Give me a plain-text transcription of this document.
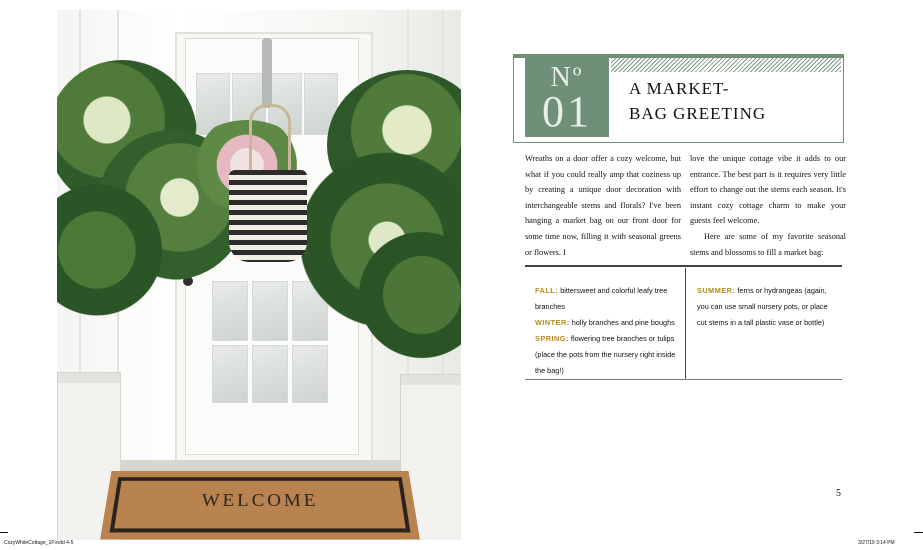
WELCOME
Nº
01	A MARKET-
BAG GREETING

Wreaths on a door offer a cozy welcome, but what if you could really amp that coziness up by creating a unique door decoration with interchangeable stems and florals? I've been hanging a market bag on our front door for some time now, filling it with seasonal greens or flowers. I

love the unique cottage vibe it adds to our entrance. The best part is it requires very little effort to change out the stems each season. It's instant cozy cottage charm to make your guests feel welcome.

Here are some of my favorite seasonal stems and blossoms to fill a market bag:

FALL: bittersweet and colorful leafy tree branches
WINTER: holly branches and pine boughs
SPRING: flowering tree branches or tulips (place the pots from the nursery right inside the bag!)
SUMMER: ferns or hydrangeas (again, you can use small nursery pots, or place cut stems in a tall plastic vase or bottle)
5
CozyWhiteCottage_1P.indd 4-5	3/27/19 3:14 PM
